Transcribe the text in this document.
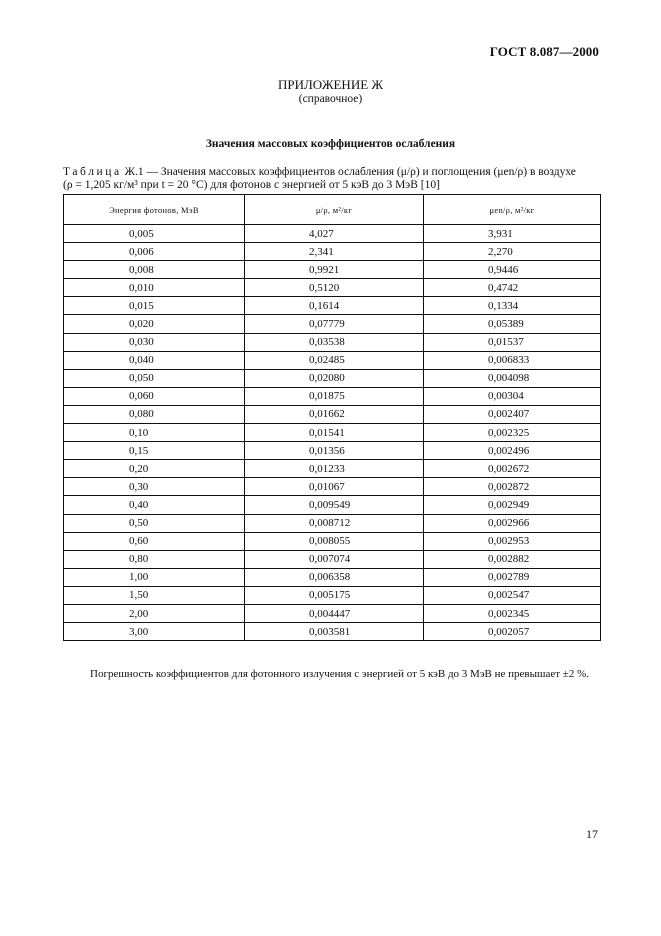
ГОСТ 8.087—2000
ПРИЛОЖЕНИЕ Ж
(справочное)
Значения массовых коэффициентов ослабления
Таблица Ж.1 — Значения массовых коэффициентов ослабления (μ/ρ) и поглощения (μen/ρ) в воздухе
(ρ = 1,205 кг/м³ при t = 20 °С) для фотонов с энергией от 5 кэВ до 3 МэВ [10]
Энергия фотонов, МэВ	μ/ρ, м²/кг	μen/ρ, м²/кг
0,005	4,027	3,931
0,006	2,341	2,270
0,008	0,9921	0,9446
0,010	0,5120	0,4742
0,015	0,1614	0,1334
0,020	0,07779	0,05389
0,030	0,03538	0,01537
0,040	0,02485	0,006833
0,050	0,02080	0,004098
0,060	0,01875	0,00304
0,080	0,01662	0,002407
0,10	0,01541	0,002325
0,15	0,01356	0,002496
0,20	0,01233	0,002672
0,30	0,01067	0,002872
0,40	0,009549	0,002949
0,50	0,008712	0,002966
0,60	0,008055	0,002953
0,80	0,007074	0,002882
1,00	0,006358	0,002789
1,50	0,005175	0,002547
2,00	0,004447	0,002345
3,00	0,003581	0,002057
Погрешность коэффициентов для фотонного излучения с энергией от 5 кэВ до 3 МэВ не превышает ±2 %.
17
